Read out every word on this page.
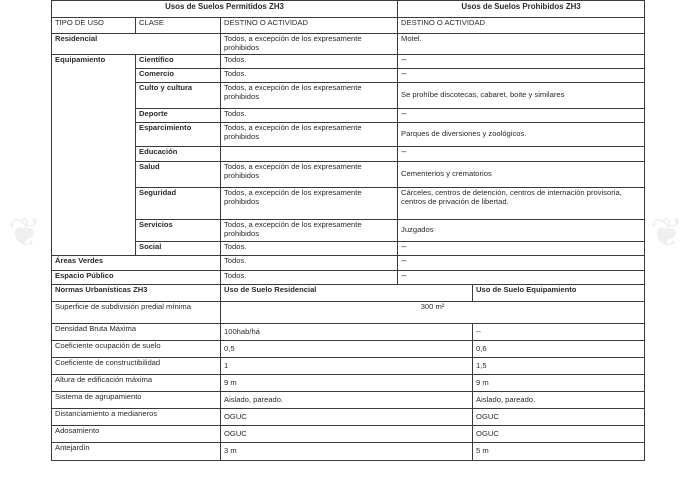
❦	❦
Usos de Suelos Permitidos ZH3			Usos de Suelos Prohibidos ZH3	
TIPO DE USO	CLASE	DESTINO O ACTIVIDAD	DESTINO O ACTIVIDAD	
Residencial		Todos, a excepción de los expresamente prohibidos	Motel.	
Equipamiento	Científico	Todos.	---	
	Comercio	Todos.	---	
	Culto y cultura	Todos, a excepción de los expresamente prohibidos	Se prohíbe discotecas, cabaret, boite y similares	
	Deporte	Todos.	---	
	Esparcimiento	Todos, a excepción de los expresamente prohibidos	Parques de diversiones y zoológicos.	
	Educación		---	
	Salud	Todos, a excepción de los expresamente prohibidos	Cementerios y crematorios	
	Seguridad	Todos, a excepción de los expresamente prohibidos	Cárceles, centros de detención, centros de internación provisoria, centros de privación de libertad.	
	Servicios	Todos, a excepción de los expresamente prohibidos	Juzgados	
	Social	Todos.	---	
Áreas Verdes		Todos.	---	
Espacio Público		Todos.	---	
Normas Urbanísticas ZH3		Uso de Suelo Residencial		Uso de Suelo Equipamiento
Superficie de subdivisión predial mínima		300 m²		
Densidad Bruta Máxima		100hab/há		--
Coeficiente ocupación de suelo		0,5		0,6
Coeficiente de constructibilidad		1		1,5
Altura de edificación máxima		9 m		9 m
Sistema de agrupamiento		Aislado, pareado.		Aislado, pareado.
Distanciamiento a medianeros		OGUC		OGUC
Adosamiento		OGUC		OGUC
Antejardín		3 m		5 m
